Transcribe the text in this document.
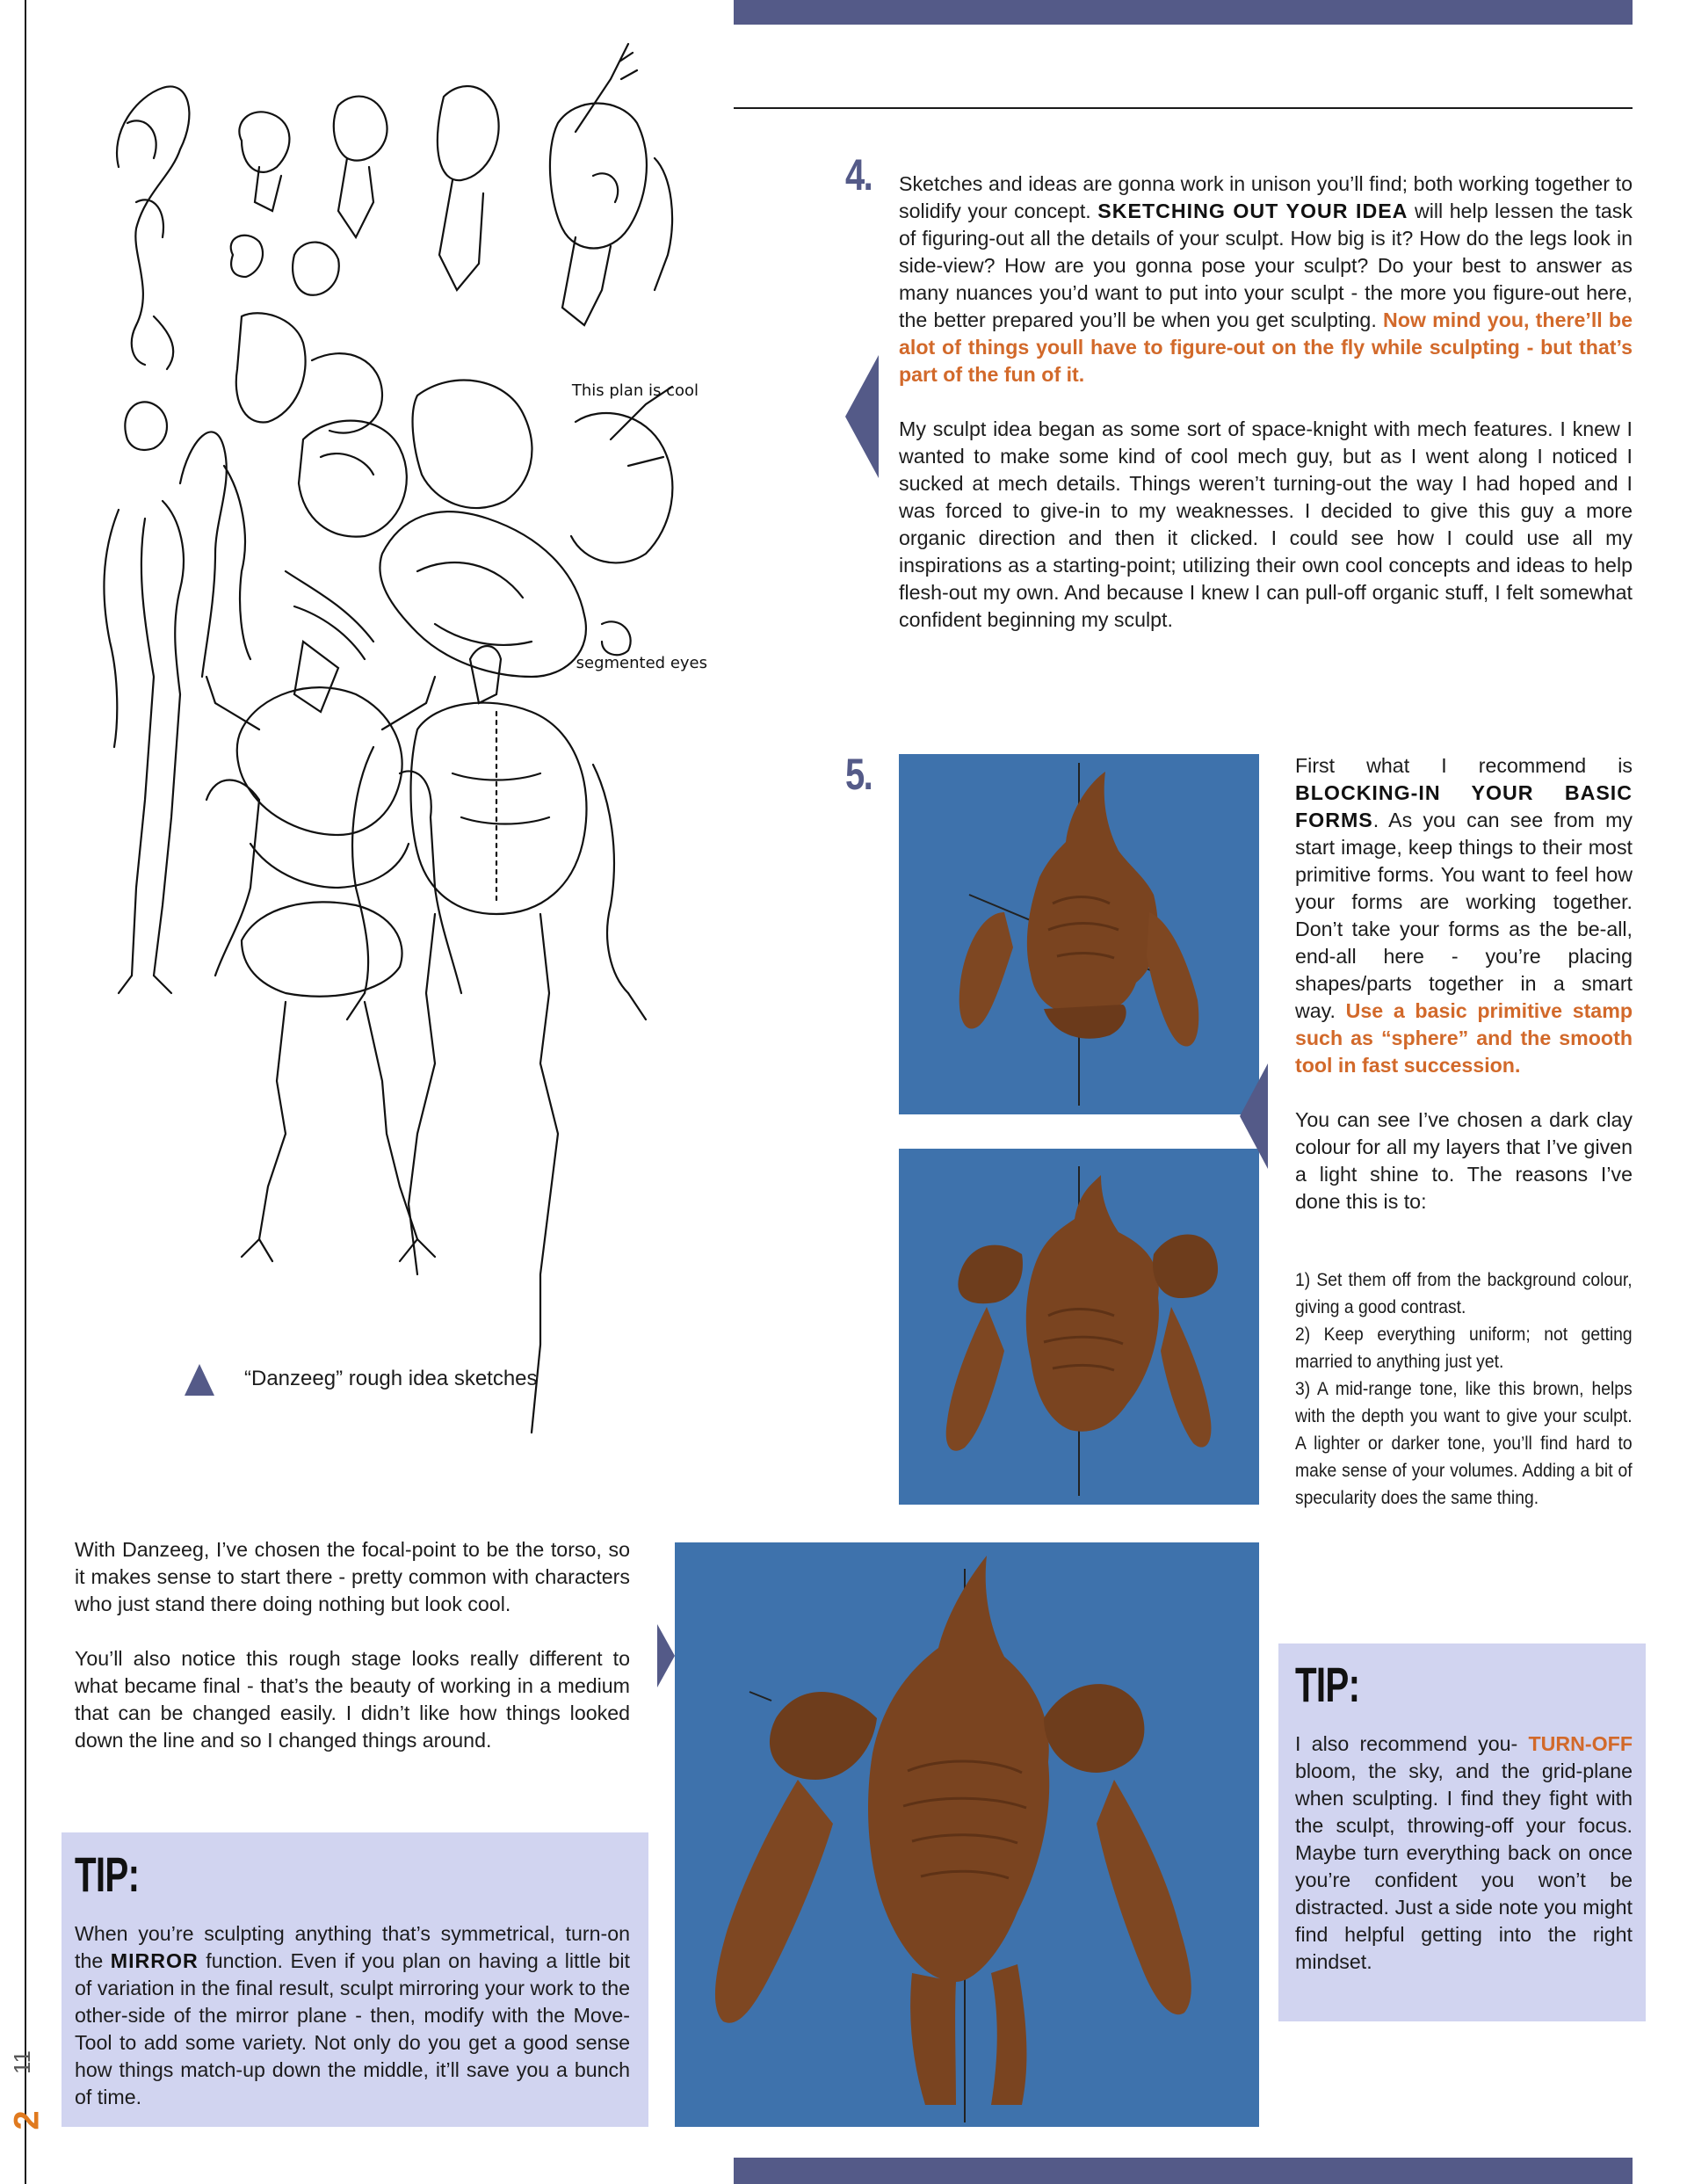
11
2
This plan is cool
segmented eyes
“Danzeeg” rough idea sketches
4. Sketches and ideas are gonna work in unison you’ll find; both working together to solidify your concept. SKETCHING OUT YOUR IDEA will help lessen the task of figuring-out all the details of your sculpt. How big is it? How do the legs look in side-view? How are you gonna pose your sculpt? Do your best to answer as many nuances you’d want to put into your sculpt - the more you figure-out here, the better prepared you’ll be when you get sculpting. Now mind you, there’ll be alot of things youll have to figure-out on the fly while sculpting - but that’s part of the fun of it.

My sculpt idea began as some sort of space-knight with mech features. I knew I wanted to make some kind of cool mech guy, but as I went along I noticed I sucked at mech details. Things weren’t turning-out the way I had hoped and I was forced to give-in to my weaknesses. I decided to give this guy a more organic direction and then it clicked. I could see how I could use all my inspirations as a starting-point; utilizing their own cool concepts and ideas to help flesh-out my own. And because I knew I can pull-off organic stuff, I felt somewhat confident beginning my sculpt.

5.	First what I recommend is BLOCKING-IN YOUR BASIC FORMS. As you can see from my start image, keep things to their most primitive forms. You want to feel how your forms are working together. Don’t take your forms as the be-all, end-all here - you’re placing shapes/parts together in a smart way. Use a basic primitive stamp such as “sphere” and the smooth tool in fast succession.

You can see I’ve chosen a dark clay colour for all my layers that I’ve given a light shine to. The reasons I’ve done this is to:

1) Set them off from the background colour, giving a good contrast.
2) Keep everything uniform; not getting married to anything just yet.
3) A mid-range tone, like this brown, helps with the depth you want to give your sculpt. A lighter or darker tone, you’ll find hard to make sense of your volumes. Adding a bit of specularity does the same thing.

With Danzeeg, I’ve chosen the focal-point to be the torso, so it makes sense to start there - pretty common with characters who just stand there doing nothing but look cool.

You’ll also notice this rough stage looks really different to what became final - that’s the beauty of working in a medium that can be changed easily. I didn’t like how things looked down the line and so I changed things around.

TIP:
When you’re sculpting anything that’s symmetrical, turn-on the MIRROR function. Even if you plan on having a little bit of variation in the final result, sculpt mirroring your work to the other-side of the mirror plane - then, modify with the Move-Tool to add some variety. Not only do you get a good sense how things match-up down the middle, it’ll save you a bunch of time.
TIP:
I also recommend you- TURN-OFF bloom, the sky, and the grid-plane when sculpting. I find they fight with the sculpt, throwing-off your focus. Maybe turn everything back on once you’re confident you won’t be distracted. Just a side note you might find helpful getting into the right mindset.
